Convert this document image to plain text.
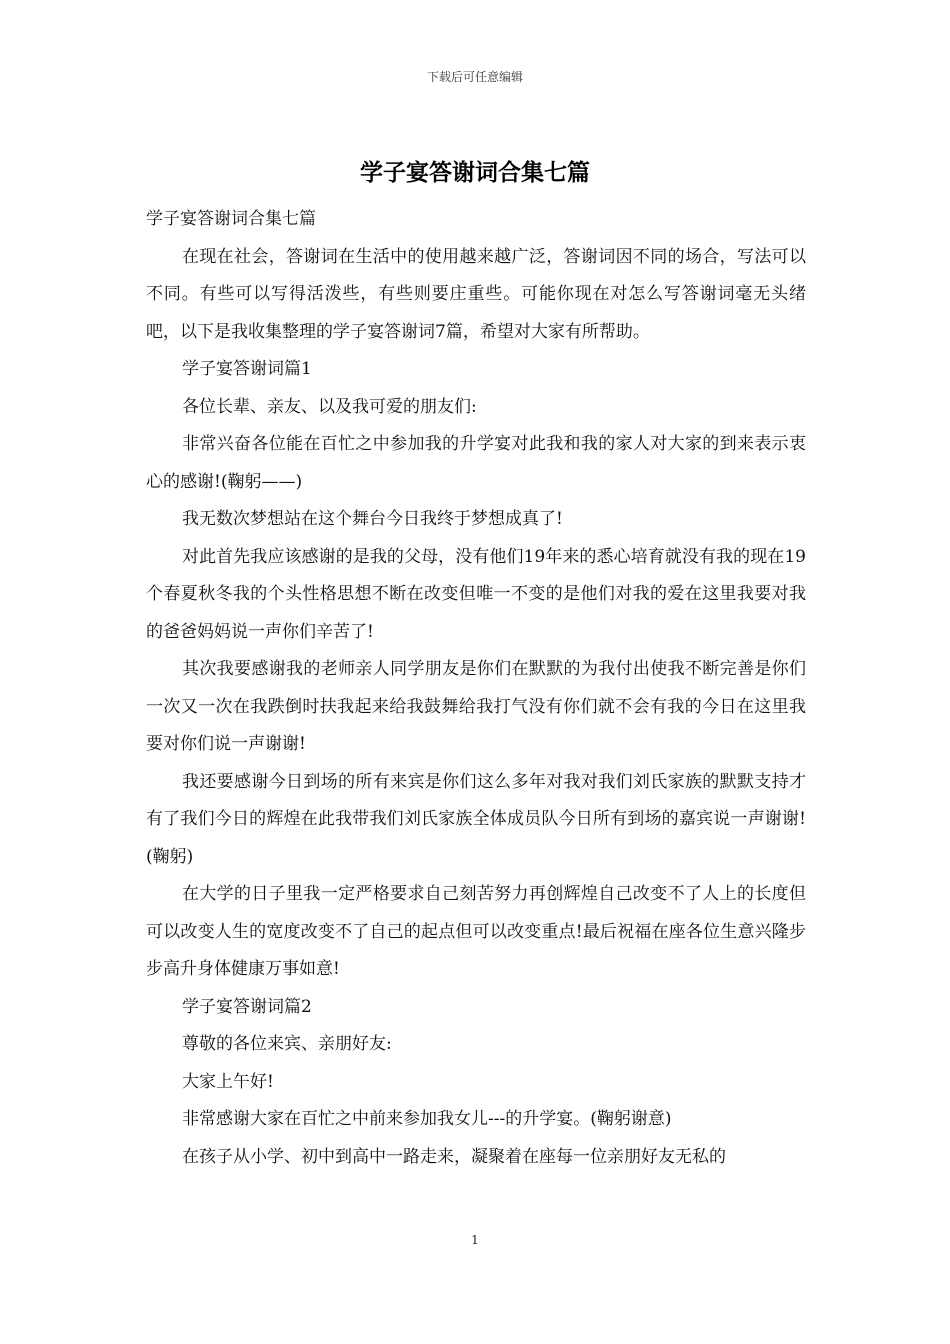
下载后可任意编辑
学子宴答谢词合集七篇

学子宴答谢词合集七篇

在现在社会，答谢词在生活中的使用越来越广泛，答谢词因不同的场合，写法可以不同。有些可以写得活泼些，有些则要庄重些。可能你现在对怎么写答谢词毫无头绪吧，以下是我收集整理的学子宴答谢词7篇，希望对大家有所帮助。

学子宴答谢词篇1

各位长辈、亲友、以及我可爱的朋友们:

非常兴奋各位能在百忙之中参加我的升学宴对此我和我的家人对大家的到来表示衷心的感谢!(鞠躬——)

我无数次梦想站在这个舞台今日我终于梦想成真了!

对此首先我应该感谢的是我的父母，没有他们19年来的悉心培育就没有我的现在19个春夏秋冬我的个头性格思想不断在改变但唯一不变的是他们对我的爱在这里我要对我的爸爸妈妈说一声你们辛苦了!

其次我要感谢我的老师亲人同学朋友是你们在默默的为我付出使我不断完善是你们一次又一次在我跌倒时扶我起来给我鼓舞给我打气没有你们就不会有我的今日在这里我要对你们说一声谢谢!

我还要感谢今日到场的所有来宾是你们这么多年对我对我们刘氏家族的默默支持才有了我们今日的辉煌在此我带我们刘氏家族全体成员队今日所有到场的嘉宾说一声谢谢!(鞠躬)

在大学的日子里我一定严格要求自己刻苦努力再创辉煌自己改变不了人上的长度但可以改变人生的宽度改变不了自己的起点但可以改变重点!最后祝福在座各位生意兴隆步步高升身体健康万事如意!

学子宴答谢词篇2

尊敬的各位来宾、亲朋好友:

大家上午好!

非常感谢大家在百忙之中前来参加我女儿---的升学宴。(鞠躬谢意)

在孩子从小学、初中到高中一路走来，凝聚着在座每一位亲朋好友无私的

1
